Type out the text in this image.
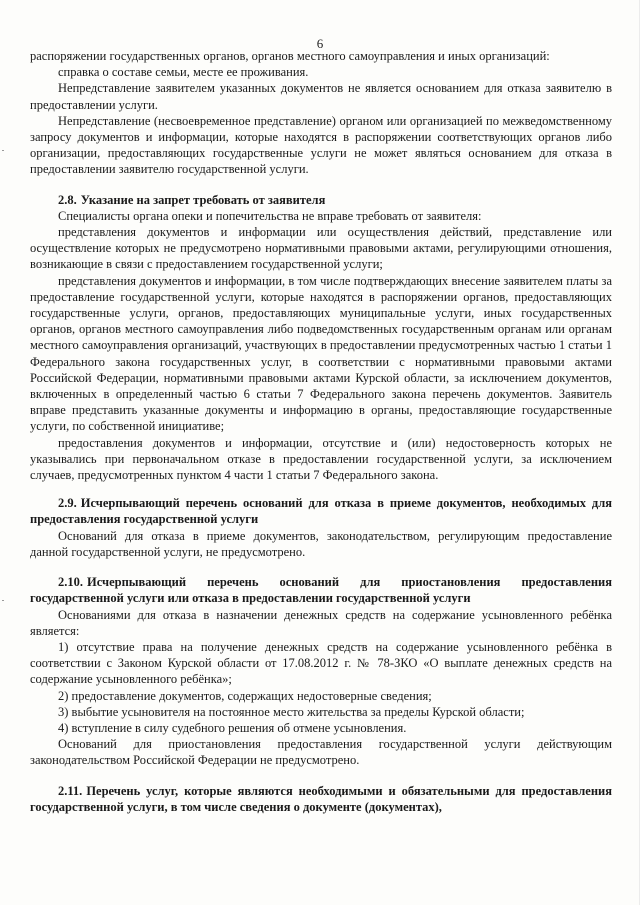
6

распоряжении государственных органов, органов местного самоуправления и иных организаций:

справка о составе семьи, месте ее проживания.

Непредставление заявителем указанных документов не является основанием для отказа заявителю в предоставлении услуги.

Непредставление (несвоевременное представление) органом или организацией по межведомственному запросу документов и информации, которые находятся в распоряжении соответствующих органов либо организации, предоставляющих государственные услуги не может являться основанием для отказа в предоставлении заявителю государственной услуги.

2.8. Указание на запрет требовать от заявителя

Специалисты органа опеки и попечительства не вправе требовать от заявителя:

представления документов и информации или осуществления действий, представление или осуществление которых не предусмотрено нормативными правовыми актами, регулирующими отношения, возникающие в связи с предоставлением государственной услуги;

представления документов и информации, в том числе подтверждающих внесение заявителем платы за предоставление государственной услуги, которые находятся в распоряжении органов, предоставляющих государственные услуги, органов, предоставляющих муниципальные услуги, иных государственных органов, органов местного самоуправления либо подведомственных государственным органам или органам местного самоуправления организаций, участвующих в предоставлении предусмотренных частью 1 статьи 1 Федерального закона государственных услуг, в соответствии с нормативными правовыми актами Российской Федерации, нормативными правовыми актами Курской области, за исключением документов, включенных в определенный частью 6 статьи 7 Федерального закона перечень документов. Заявитель вправе представить указанные документы и информацию в органы, предоставляющие государственные услуги, по собственной инициативе;

предоставления документов и информации, отсутствие и (или) недостоверность которых не указывались при первоначальном отказе в предоставлении государственной услуги, за исключением случаев, предусмотренных пунктом 4 части 1 статьи 7 Федерального закона.

2.9. Исчерпывающий перечень оснований для отказа в приеме документов, необходимых для предоставления государственной услуги

Оснований для отказа в приеме документов, законодательством, регулирующим предоставление данной государственной услуги, не предусмотрено.

2.10. Исчерпывающий перечень оснований для приостановления предоставления государственной услуги или отказа в предоставлении государственной услуги

Основаниями для отказа в назначении денежных средств на содержание усыновленного ребёнка является:

1) отсутствие права на получение денежных средств на содержание усыновленного ребёнка в соответствии с Законом Курской области от 17.08.2012 г. № 78-ЗКО «О выплате денежных средств на содержание усыновленного ребёнка»;

2) предоставление документов, содержащих недостоверные сведения;

3) выбытие усыновителя на постоянное место жительства за пределы Курской области;

4) вступление в силу судебного решения об отмене усыновления.

Оснований для приостановления предоставления государственной услуги действующим законодательством Российской Федерации не предусмотрено.

2.11. Перечень услуг, которые являются необходимыми и обязательными для предоставления государственной услуги, в том числе сведения о документе (документах),
